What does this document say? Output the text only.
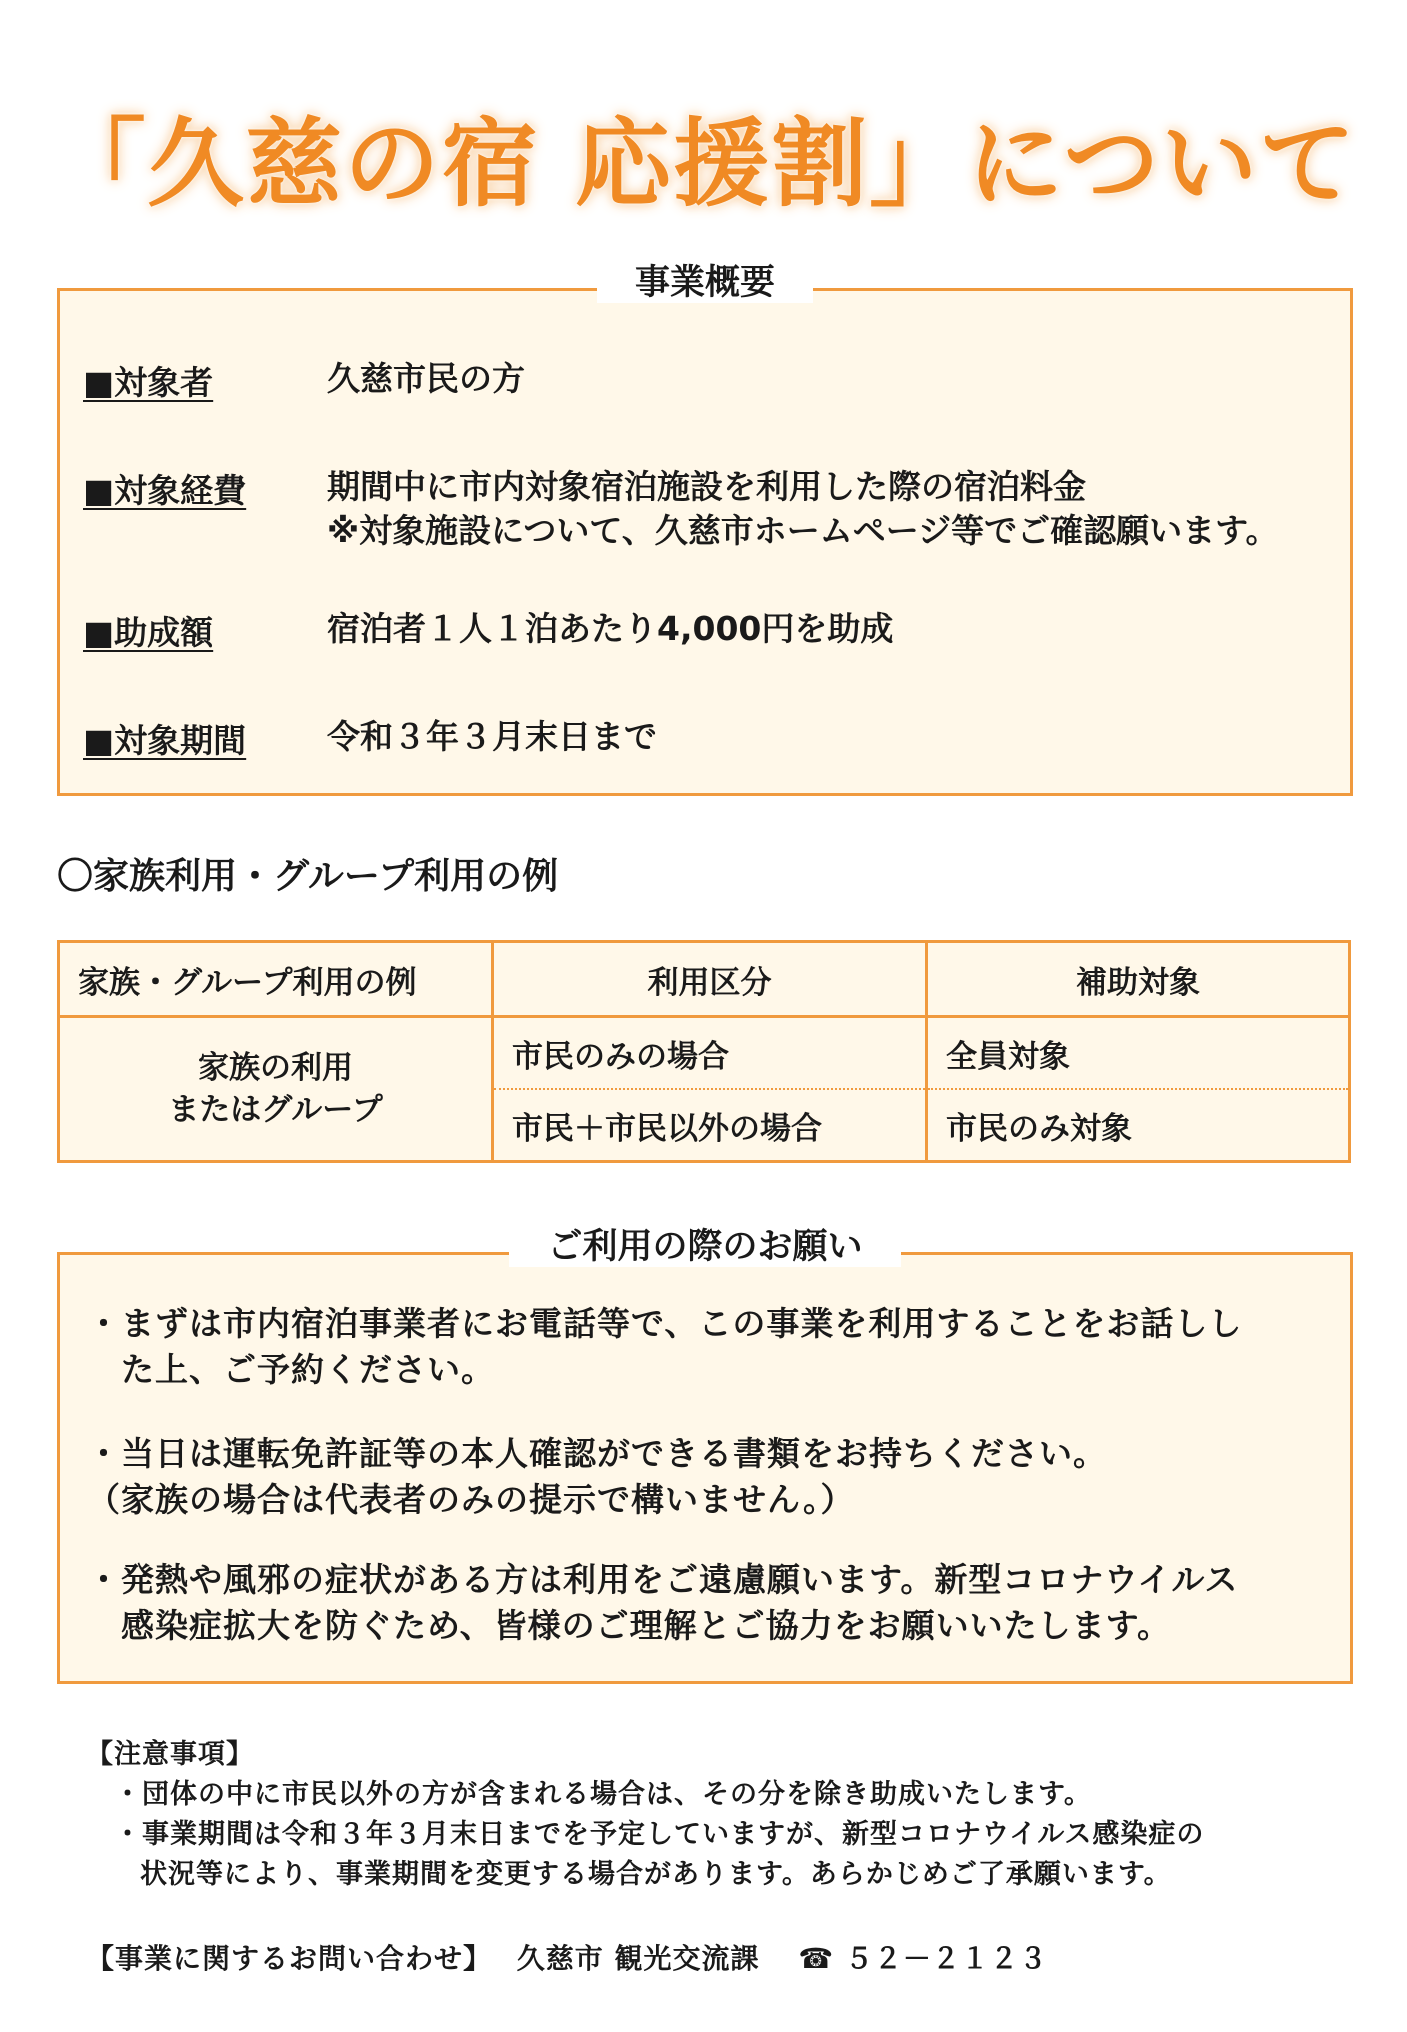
「久慈の宿 応援割」について
事業概要
■対象者	久慈市民の方
■対象経費 期間中に市内対象宿泊施設を利用した際の宿泊料金
※対象施設について、久慈市ホームページ等でご確認願います。
■助成額	宿泊者１人１泊あたり4,000円を助成
■対象期間 令和３年３月末日まで
〇家族利用・グループ利用の例
家族・グループ利用の例	利用区分	補助対象
家族の利用
またはグループ	市民のみの場合	全員対象
	市民＋市民以外の場合	市民のみ対象
ご利用の際のお願い
・まずは市内宿泊事業者にお電話等で、この事業を利用することをお話しし
た上、ご予約ください。
・当日は運転免許証等の本人確認ができる書類をお持ちください。
（家族の場合は代表者のみの提示で構いません。）
・発熱や風邪の症状がある方は利用をご遠慮願います。新型コロナウイルス
感染症拡大を防ぐため、皆様のご理解とご協力をお願いいたします。
【注意事項】
・団体の中に市民以外の方が含まれる場合は、その分を除き助成いたします。
・事業期間は令和３年３月末日までを予定していますが、新型コロナウイルス感染症の
状況等により、事業期間を変更する場合があります。あらかじめご了承願います。
【事業に関するお問い合わせ】 久慈市 観光交流課 ☎ ５２－２１２３
